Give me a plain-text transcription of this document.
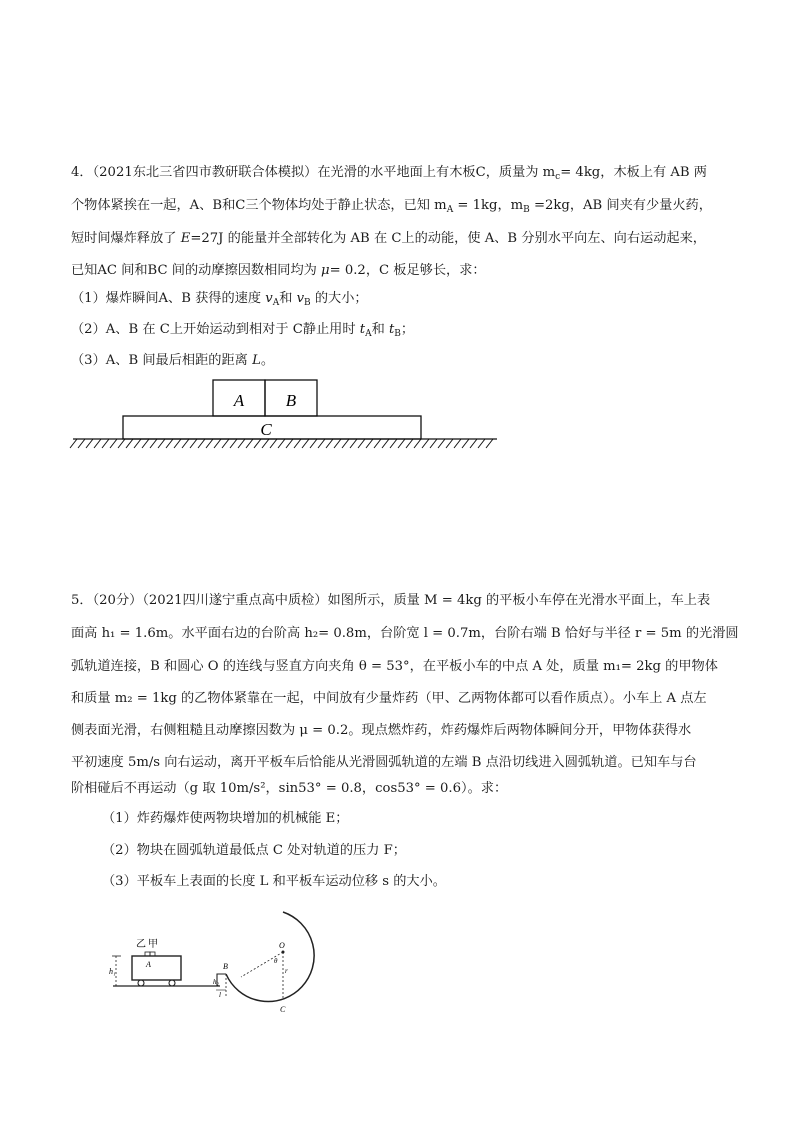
4．（2021东北三省四市教研联合体模拟）在光滑的水平地面上有木板C，质量为 $m_c= 4kg$，木板上有 AB 两
个物体紧挨在一起，A、B和C三个物体均处于静止状态，已知 $m_A = 1kg$，$m_B =2kg$，AB 间夹有少量火药，
短时间爆炸释放了 E=27J 的能量并全部转化为 AB 在 C上的动能，使 A、B 分别水平向左、向右运动起来，
已知AC 间和BC 间的动摩擦因数相同均为 μ= 0.2，C 板足够长，求：
（1）爆炸瞬间A、B 获得的速度 $v_A$和 $v_B$ 的大小；
（2）A、B 在 C上开始运动到相对于 C静止用时 $t_A$和 $t_B$；
（3）A、B 间最后相距的距离 L。
A B
C
5．（20分）（2021四川遂宁重点高中质检）如图所示，质量 M = 4kg 的平板小车停在光滑水平面上，车上表
面高 h₁ = 1.6m。水平面右边的台阶高 h₂= 0.8m，台阶宽 l = 0.7m，台阶右端 B 恰好与半径 r = 5m 的光滑圆
弧轨道连接，B 和圆心 O 的连线与竖直方向夹角 θ = 53°，在平板小车的中点 A 处，质量 m₁= 2kg 的甲物体
和质量 m₂ = 1kg 的乙物体紧靠在一起，中间放有少量炸药（甲、乙两物体都可以看作质点）。小车上 A 点左
侧表面光滑，右侧粗糙且动摩擦因数为 μ = 0.2。现点燃炸药，炸药爆炸后两物体瞬间分开，甲物体获得水
平初速度 5m/s 向右运动，离开平板车后恰能从光滑圆弧轨道的左端 B 点沿切线进入圆弧轨道。已知车与台
阶相碰后不再运动（g 取 10m/s²，sin53° = 0.8，cos53° = 0.6）。求：
（1）炸药爆炸使两物块增加的机械能 E；
（2）物块在圆弧轨道最低点 C 处对轨道的压力 F；
（3）平板车上表面的长度 L 和平板车运动位移 s 的大小。
h₁
乙 甲
A
h₂
l
B
O
θ
r
C
